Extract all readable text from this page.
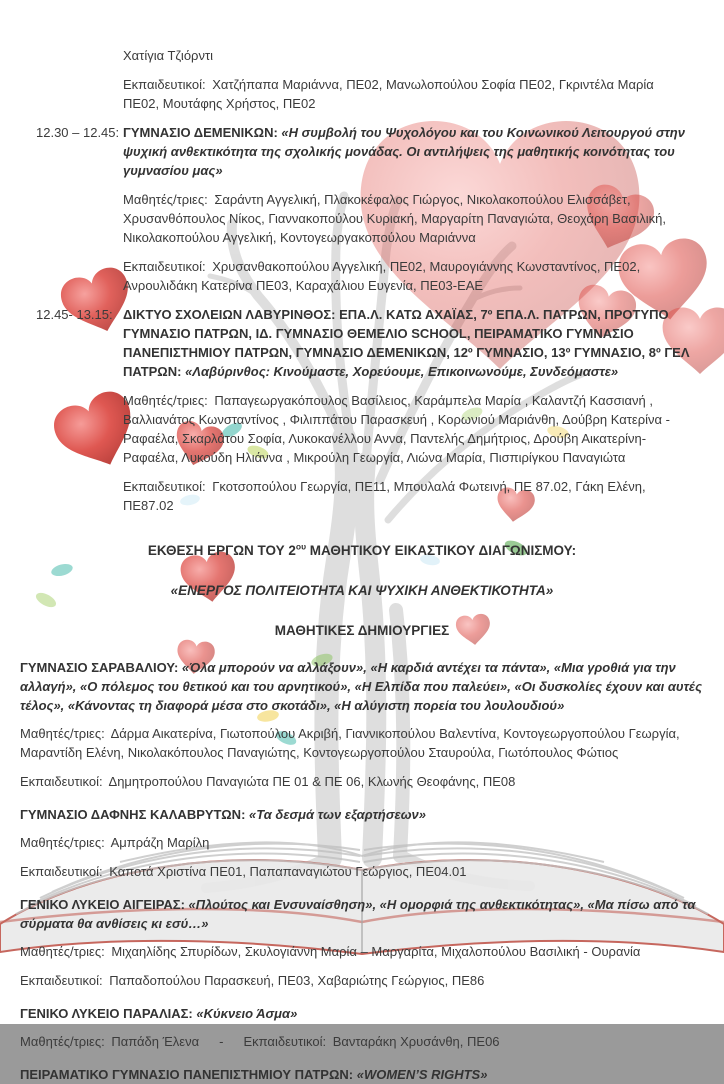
Χατίγια Τζιόρντι

Εκπαιδευτικοί: Χατζήπαπα Μαριάννα, ΠΕ02, Μανωλοπούλου Σοφία ΠΕ02, Γκριντέλα Μαρία ΠΕ02, Μουτάφης Χρήστος, ΠΕ02

12.30 – 12.45: ΓΥΜΝΑΣΙΟ ΔΕΜΕΝΙΚΩΝ: «Η συμβολή του Ψυχολόγου και του Κοινωνικού Λειτουργού στην ψυχική ανθεκτικότητα της σχολικής μονάδας. Οι αντιλήψεις της μαθητικής κοινότητας του γυμνασίου μας»

Μαθητές/τριες: Σαράντη Αγγελική, Πλακοκέφαλος Γιώργος, Νικολακοπούλου Ελισσάβετ, Χρυσανθόπουλος Νίκος, Γιαννακοπούλου Κυριακή, Μαργαρίτη Παναγιώτα, Θεοχάρη Βασιλική, Νικολακοπούλου Αγγελική, Κοντογεωργακοπούλου Μαριάννα

Εκπαιδευτικοί: Χρυσανθακοπούλου Αγγελική, ΠΕ02, Μαυρογιάννης Κωνσταντίνος, ΠΕ02, Ανρουλιδάκη Κατερίνα ΠΕ03, Καραχάλιου Ευγενία, ΠΕ03-ΕΑΕ

12.45- 13.15: ΔΙΚΤΥΟ ΣΧΟΛΕΙΩΝ ΛΑΒΥΡΙΝΘΟΣ: ΕΠΑ.Λ. ΚΑΤΩ ΑΧΑΪΑΣ, 7º ΕΠΑ.Λ. ΠΑΤΡΩΝ, ΠΡΟΤΥΠΟ ΓΥΜΝΑΣΙΟ ΠΑΤΡΩΝ, ΙΔ. ΓΥΜΝΑΣΙΟ ΘΕΜΕΛΙΟ SCHOOL, ΠΕΙΡΑΜΑΤΙΚΟ ΓΥΜΝΑΣΙΟ ΠΑΝΕΠΙΣΤΗΜΙΟΥ ΠΑΤΡΩΝ, ΓΥΜΝΑΣΙΟ ΔΕΜΕΝΙΚΩΝ, 12º ΓΥΜΝΑΣΙΟ, 13º ΓΥΜΝΑΣΙΟ, 8º ΓΕΛ ΠΑΤΡΩΝ: «Λαβύρινθος: Κινούμαστε, Χορεύουμε, Επικοινωνούμε, Συνδεόμαστε»

Μαθητές/τριες: Παπαγεωργακόπουλος Βασίλειος, Καράμπελα Μαρία , Καλαντζή Κασσιανή , Βαλλιανάτος Κωνσταντίνος , Φιλιππάτου Παρασκευή , Κορωνιού Μαριάνθη, Δούβρη Κατερίνα - Ραφαέλα, Σκαρλάτου Σοφία, Λυκοκανέλλου Αννα, Παντελής Δημήτριος, Δρούβη Αικατερίνη-Ραφαέλα, Λυκούδη Ηλιάννα , Μικρούλη Γεωργία, Λιώνα Μαρία, Πισπιρίγκου Παναγιώτα

Εκπαιδευτικοί: Γκοτσοπούλου Γεωργία, ΠΕ11, Μπουλαλά Φωτεινή, ΠΕ 87.02, Γάκη Ελένη, ΠΕ87.02

ΕΚΘΕΣΗ ΕΡΓΩΝ ΤΟΥ $2^{o\upsilon}$ ΜΑΘΗΤΙΚΟΥ ΕΙΚΑΣΤΙΚΟΥ ΔΙΑΓΩΝΙΣΜΟΥ:
«ΕΝΕΡΓΟΣ ΠΟΛΙΤΕΙΟΤΗΤΑ ΚΑΙ ΨΥΧΙΚΗ ΑΝΘΕΚΤΙΚΟΤΗΤΑ»
ΜΑΘΗΤΙΚΕΣ ΔΗΜΙΟΥΡΓΙΕΣ

ΓΥΜΝΑΣΙΟ ΣΑΡΑΒΑΛΙΟΥ: «Όλα μπορούν να αλλάξουν», «Η καρδιά αντέχει τα πάντα», «Μια γροθιά για την αλλαγή», «Ο πόλεμος του θετικού και του αρνητικού», «Η Ελπίδα που παλεύει», «Οι δυσκολίες έχουν και αυτές τέλος», «Κάνοντας τη διαφορά μέσα στο σκοτάδι», «Η αλύγιστη πορεία του λουλουδιού»

Μαθητές/τριες: Δάρμα Αικατερίνα, Γιωτοπούλου Ακριβή, Γιαννικοπούλου Βαλεντίνα, Κοντογεωργοπούλου Γεωργία, Μαραντίδη Ελένη, Νικολακόπουλος Παναγιώτης, Κοντογεωργοπούλου Σταυρούλα, Γιωτόπουλος Φώτιος

Εκπαιδευτικοί: Δημητροπούλου Παναγιώτα ΠΕ 01 & ΠΕ 06, Κλωνής Θεοφάνης, ΠΕ08

ΓΥΜΝΑΣΙΟ ΔΑΦΝΗΣ ΚΑΛΑΒΡΥΤΩΝ: «Τα δεσμά των εξαρτήσεων»

Μαθητές/τριες: Αμπράζη Μαρίλη

Εκπαιδευτικοί: Καποτά Χριστίνα ΠΕ01, Παπαπαναγιώτου Γεώργιος, ΠΕ04.01

ΓΕΝΙΚΟ ΛΥΚΕΙΟ ΑΙΓΕΙΡΑΣ: «Πλούτος και Ενσυναίσθηση», «Η ομορφιά της ανθεκτικότητας», «Μα πίσω από τα σύρματα θα ανθίσεις κι εσύ…»

Μαθητές/τριες: Μιχαηλίδης Σπυρίδων, Σκυλογιάννη Μαρία – Μαργαρίτα, Μιχαλοπούλου Βασιλική - Ουρανία

Εκπαιδευτικοί: Παπαδοπούλου Παρασκευή, ΠΕ03, Χαβαριώτης Γεώργιος, ΠΕ86

ΓΕΝΙΚΟ ΛΥΚΕΙΟ ΠΑΡΑΛΙΑΣ: «Κύκνειο Άσμα»

Μαθητές/τριες: Παπάδη Έλενα - Εκπαιδευτικοί: Βανταράκη Χρυσάνθη, ΠΕ06

ΠΕΙΡΑΜΑΤΙΚΟ ΓΥΜΝΑΣΙΟ ΠΑΝΕΠΙΣΤΗΜΙΟΥ ΠΑΤΡΩΝ: «WOMEN’S RIGHTS»
